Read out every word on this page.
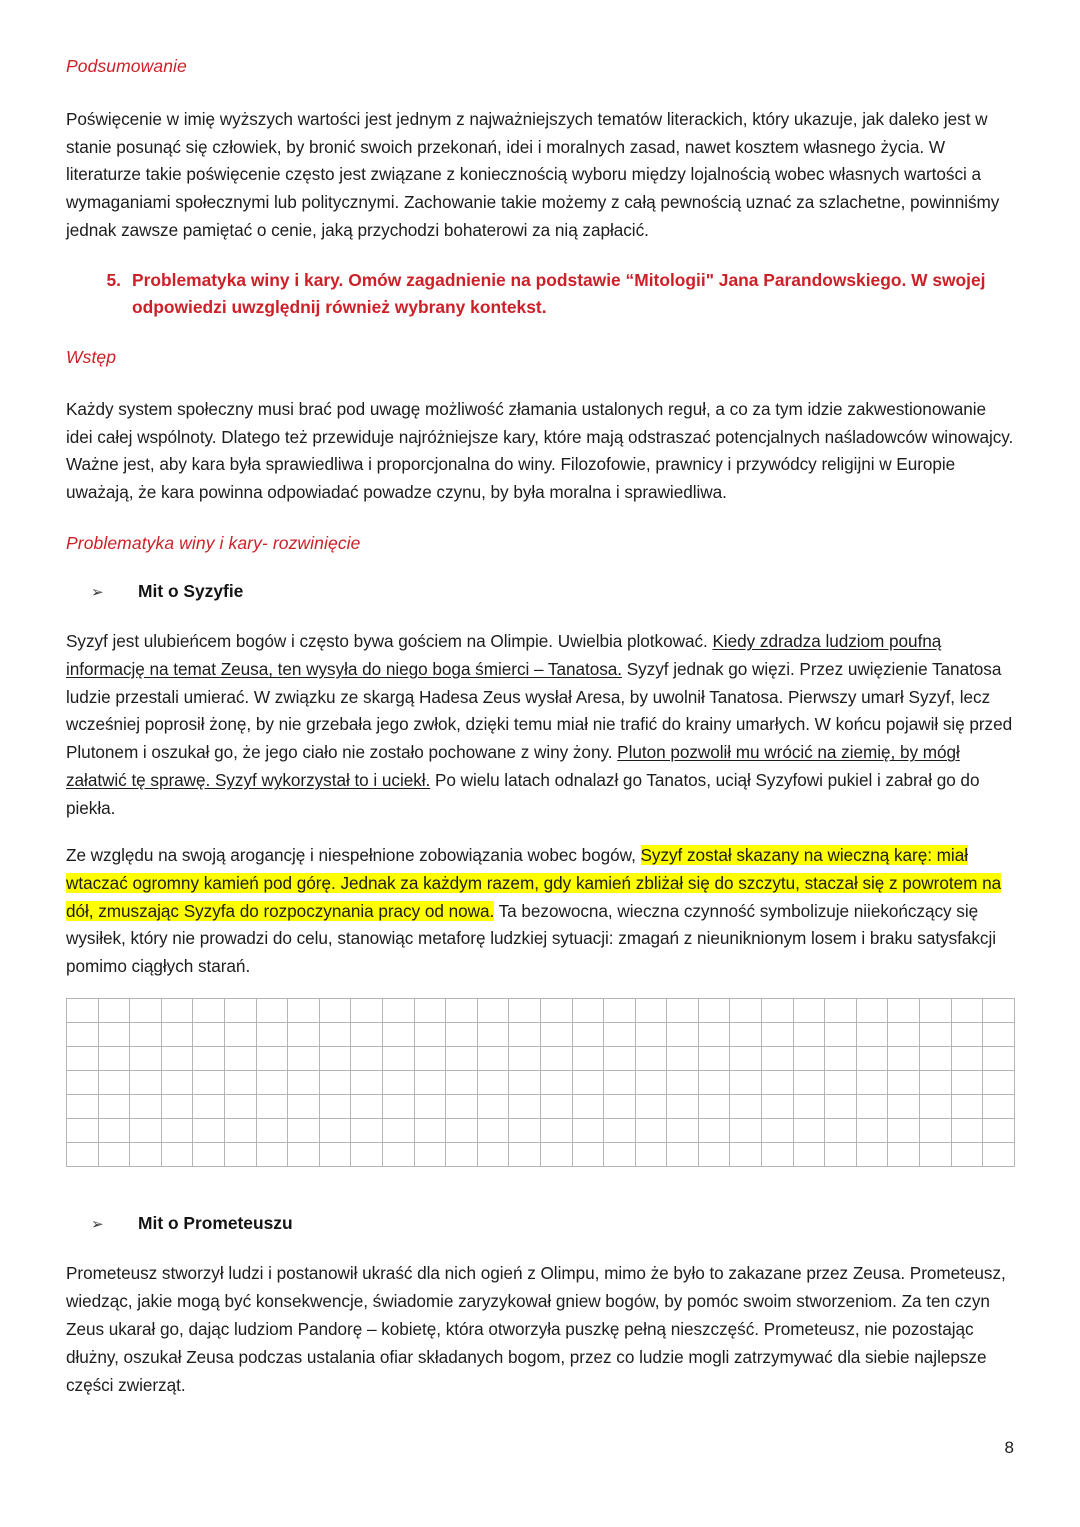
Podsumowanie
Poświęcenie w imię wyższych wartości jest jednym z najważniejszych tematów literackich, który ukazuje, jak daleko jest w stanie posunąć się człowiek, by bronić swoich przekonań, idei i moralnych zasad, nawet kosztem własnego życia. W literaturze takie poświęcenie często jest związane z koniecznością wyboru między lojalnością wobec własnych wartości a wymaganiami społecznymi lub politycznymi. Zachowanie takie możemy z całą pewnością uznać za szlachetne, powinniśmy jednak zawsze pamiętać o cenie, jaką przychodzi bohaterowi za nią zapłacić.
5. Problematyka winy i kary. Omów zagadnienie na podstawie “Mitologii" Jana Parandowskiego. W swojej odpowiedzi uwzględnij również wybrany kontekst.
Wstęp
Każdy system społeczny musi brać pod uwagę możliwość złamania ustalonych reguł, a co za tym idzie zakwestionowanie idei całej wspólnoty. Dlatego też przewiduje najróżniejsze kary, które mają odstraszać potencjalnych naśladowców winowajcy. Ważne jest, aby kara była sprawiedliwa i proporcjonalna do winy. Filozofowie, prawnicy i przywódcy religijni w Europie uważają, że kara powinna odpowiadać powadze czynu, by była moralna i sprawiedliwa.
Problematyka winy i kary- rozwinięcie
➢	Mit o Syzyfie
Syzyf jest ulubieńcem bogów i często bywa gościem na Olimpie. Uwielbia plotkować. Kiedy zdradza ludziom poufną informację na temat Zeusa, ten wysyła do niego boga śmierci – Tanatosa. Syzyf jednak go więzi. Przez uwięzienie Tanatosa ludzie przestali umierać. W związku ze skargą Hadesa Zeus wysłał Aresa, by uwolnił Tanatosa. Pierwszy umarł Syzyf, lecz wcześniej poprosił żonę, by nie grzebała jego zwłok, dzięki temu miał nie trafić do krainy umarłych. W końcu pojawił się przed Plutonem i oszukał go, że jego ciało nie zostało pochowane z winy żony. Pluton pozwolił mu wrócić na ziemię, by mógł załatwić tę sprawę. Syzyf wykorzystał to i uciekł. Po wielu latach odnalazł go Tanatos, uciął Syzyfowi pukiel i zabrał go do piekła.
Ze względu na swoją arogancję i niespełnione zobowiązania wobec bogów, Syzyf został skazany na wieczną karę: miał wtaczać ogromny kamień pod górę. Jednak za każdym razem, gdy kamień zbliżał się do szczytu, staczał się z powrotem na dół, zmuszając Syzyfa do rozpoczynania pracy od nowa. Ta bezowocna, wieczna czynność symbolizuje niiekończący się wysiłek, który nie prowadzi do celu, stanowiąc metaforę ludzkiej sytuacji: zmagań z nieuniknionym losem i braku satysfakcji pomimo ciągłych starań.

➢	Mit o Prometeuszu
Prometeusz stworzył ludzi i postanowił ukraść dla nich ogień z Olimpu, mimo że było to zakazane przez Zeusa. Prometeusz, wiedząc, jakie mogą być konsekwencje, świadomie zaryzykował gniew bogów, by pomóc swoim stworzeniom. Za ten czyn Zeus ukarał go, dając ludziom Pandorę – kobietę, która otworzyła puszkę pełną nieszczęść. Prometeusz, nie pozostając dłużny, oszukał Zeusa podczas ustalania ofiar składanych bogom, przez co ludzie mogli zatrzymywać dla siebie najlepsze części zwierząt.
8
